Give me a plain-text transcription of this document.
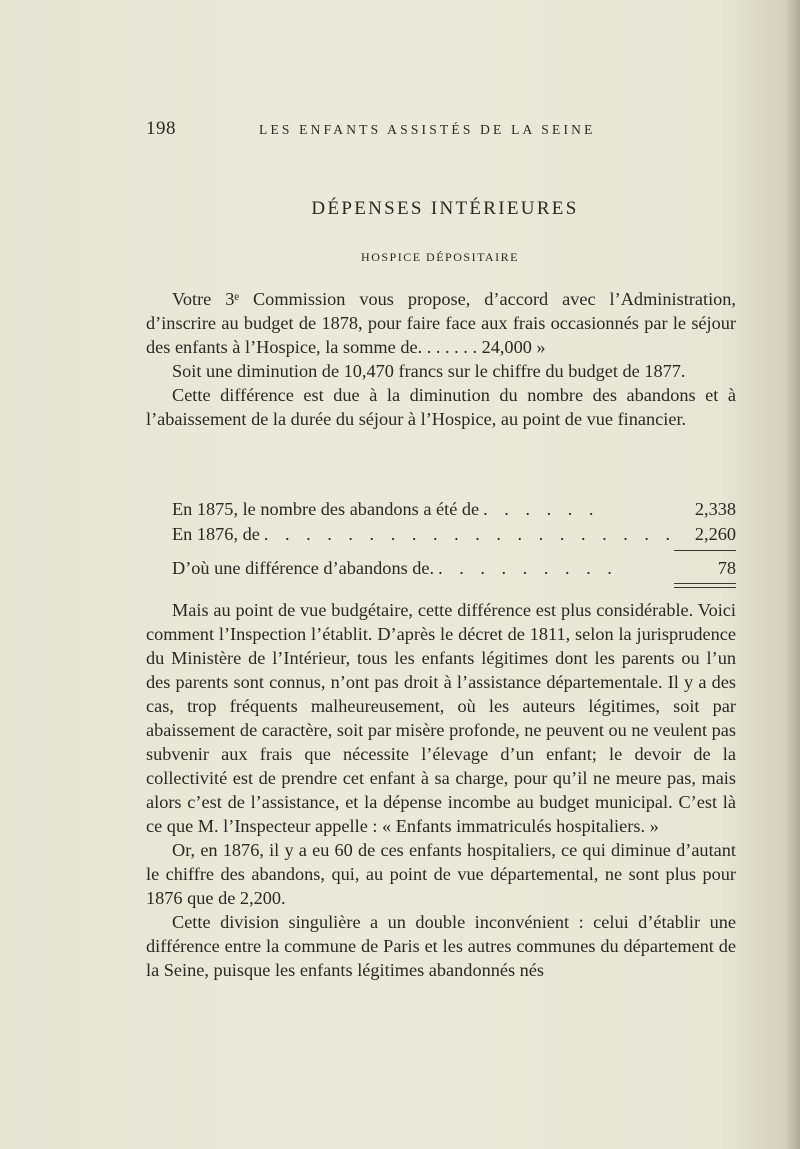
198	LES ENFANTS ASSISTÉS DE LA SEINE
DÉPENSES INTÉRIEURES
HOSPICE DÉPOSITAIRE

Votre 3ᵉ Commission vous propose, d’accord avec l’Administration, d’inscrire au budget de 1878, pour faire face aux frais occasionnés par le séjour des enfants à l’Hospice, la somme de. . . . . . . 24,000 »

Soit une diminution de 10,470 francs sur le chiffre du budget de 1877.

Cette différence est due à la diminution du nombre des abandons et à l’abaissement de la durée du séjour à l’Hospice, au point de vue financier.

En 1875, le nombre des abandons a été de . . . . . .	2,338
En 1876, de . . . . . . . . . . . . . . . . . . . .	2,260
D’où une différence d’abandons de. . . . . . . . . .	78

Mais au point de vue budgétaire, cette différence est plus considérable. Voici comment l’Inspection l’établit. D’après le décret de 1811, selon la jurisprudence du Ministère de l’Intérieur, tous les enfants légitimes dont les parents ou l’un des parents sont connus, n’ont pas droit à l’assistance départementale. Il y a des cas, trop fréquents malheureusement, où les auteurs légitimes, soit par abaissement de caractère, soit par misère profonde, ne peuvent ou ne veulent pas subvenir aux frais que nécessite l’élevage d’un enfant; le devoir de la collectivité est de prendre cet enfant à sa charge, pour qu’il ne meure pas, mais alors c’est de l’assistance, et la dépense incombe au budget municipal. C’est là ce que M. l’Inspecteur appelle : « Enfants immatriculés hospitaliers. »

Or, en 1876, il y a eu 60 de ces enfants hospitaliers, ce qui diminue d’autant le chiffre des abandons, qui, au point de vue départemental, ne sont plus pour 1876 que de 2,200.

Cette division singulière a un double inconvénient : celui d’établir une différence entre la commune de Paris et les autres communes du département de la Seine, puisque les enfants légitimes abandonnés nés
